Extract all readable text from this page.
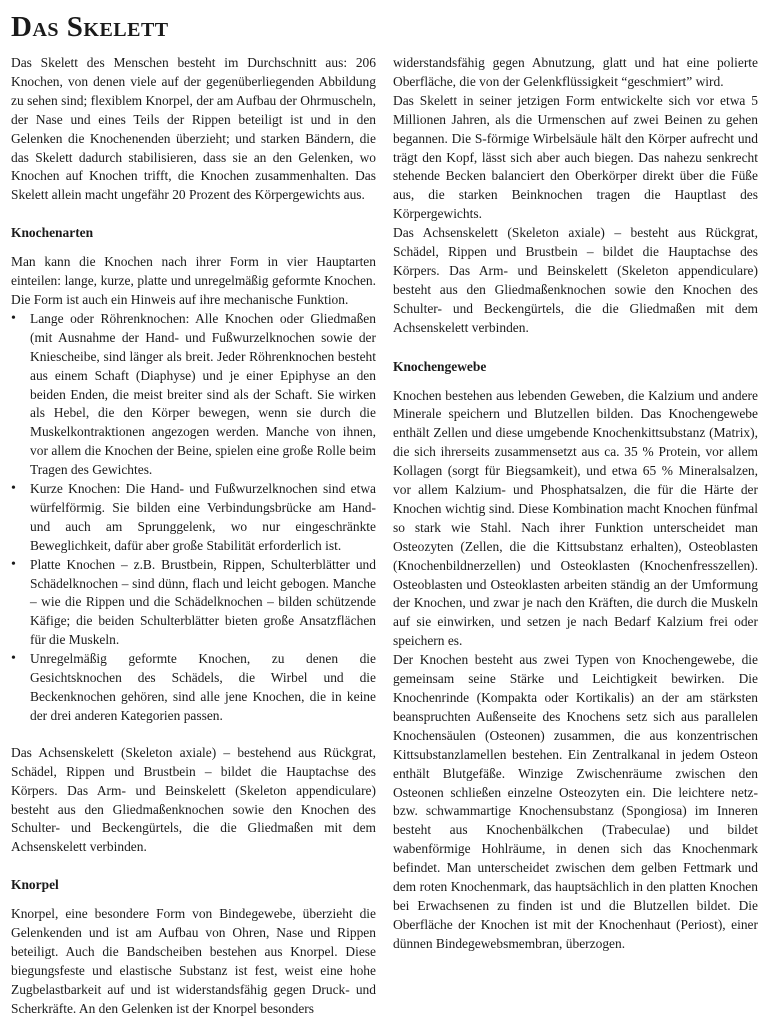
Das Skelett

Das Skelett des Menschen besteht im Durchschnitt aus: 206 Knochen, von denen viele auf der gegenüberliegenden Abbildung zu sehen sind; flexiblem Knorpel, der am Aufbau der Ohrmuscheln, der Nase und eines Teils der Rippen beteiligt ist und in den Gelenken die Knochenenden überzieht; und starken Bändern, die das Skelett dadurch stabilisieren, dass sie an den Gelenken, wo Knochen auf Knochen trifft, die Knochen zusammenhalten. Das Skelett allein macht ungefähr 20 Prozent des Körpergewichts aus.

Knochenarten

Man kann die Knochen nach ihrer Form in vier Hauptarten einteilen: lange, kurze, platte und unregelmäßig geformte Knochen. Die Form ist auch ein Hinweis auf ihre mechanische Funktion.

• Lange oder Röhrenknochen: Alle Knochen oder Gliedmaßen (mit Ausnahme der Hand- und Fußwurzelknochen sowie der Kniescheibe, sind länger als breit. Jeder Röhrenknochen besteht aus einem Schaft (Diaphyse) und je einer Epiphyse an den beiden Enden, die meist breiter sind als der Schaft. Sie wirken als Hebel, die den Körper bewegen, wenn sie durch die Muskelkontraktionen angezogen werden. Manche von ihnen, vor allem die Knochen der Beine, spielen eine große Rolle beim Tragen des Gewichtes.
• Kurze Knochen: Die Hand- und Fußwurzelknochen sind etwa würfelförmig. Sie bilden eine Verbindungsbrücke am Hand- und auch am Sprunggelenk, wo nur eingeschränkte Beweglichkeit, dafür aber große Stabilität erforderlich ist.
• Platte Knochen – z.B. Brustbein, Rippen, Schulterblätter und Schädelknochen – sind dünn, flach und leicht gebogen. Manche – wie die Rippen und die Schädelknochen – bilden schützende Käfige; die beiden Schulterblätter bieten große Ansatzflächen für die Muskeln.
• Unregelmäßig geformte Knochen, zu denen die Gesichtsknochen des Schädels, die Wirbel und die Beckenknochen gehören, sind alle jene Knochen, die in keine der drei anderen Kategorien passen.

Das Achsenskelett (Skeleton axiale) – bestehend aus Rückgrat, Schädel, Rippen und Brustbein – bildet die Hauptachse des Körpers. Das Arm- und Beinskelett (Skeleton appendiculare) besteht aus den Gliedmaßenknochen sowie den Knochen des Schulter- und Beckengürtels, die die Gliedmaßen mit dem Achsenskelett verbinden.

Knorpel

Knorpel, eine besondere Form von Bindegewebe, überzieht die Gelenkenden und ist am Aufbau von Ohren, Nase und Rippen beteiligt. Auch die Bandscheiben bestehen aus Knorpel. Diese biegungsfeste und elastische Substanz ist fest, weist eine hohe Zugbelastbarkeit auf und ist widerstandsfähig gegen Druck- und Scherkräfte. An den Gelenken ist der Knorpel besonders

widerstandsfähig gegen Abnutzung, glatt und hat eine polierte Oberfläche, die von der Gelenkflüssigkeit “geschmiert” wird.

Das Skelett in seiner jetzigen Form entwickelte sich vor etwa 5 Millionen Jahren, als die Urmenschen auf zwei Beinen zu gehen begannen. Die S-förmige Wirbelsäule hält den Körper aufrecht und trägt den Kopf, lässt sich aber auch biegen. Das nahezu senkrecht stehende Becken balanciert den Oberkörper direkt über die Füße aus, die starken Beinknochen tragen die Hauptlast des Körpergewichts.

Das Achsenskelett (Skeleton axiale) – besteht aus Rückgrat, Schädel, Rippen und Brustbein – bildet die Hauptachse des Körpers. Das Arm- und Beinskelett (Skeleton appendiculare) besteht aus den Gliedmaßenknochen sowie den Knochen des Schulter- und Beckengürtels, die die Gliedmaßen mit dem Achsenskelett verbinden.

Knochengewebe

Knochen bestehen aus lebenden Geweben, die Kalzium und andere Minerale speichern und Blutzellen bilden. Das Knochengewebe enthält Zellen und diese umgebende Knochenkittsubstanz (Matrix), die sich ihrerseits zusammensetzt aus ca. 35 % Protein, vor allem Kollagen (sorgt für Biegsamkeit), und etwa 65 % Mineralsalzen, vor allem Kalzium- und Phosphatsalzen, die für die Härte der Knochen wichtig sind. Diese Kombination macht Knochen fünfmal so stark wie Stahl. Nach ihrer Funktion unterscheidet man Osteozyten (Zellen, die die Kittsubstanz erhalten), Osteoblasten (Knochenbildnerzellen) und Osteoklasten (Knochenfresszellen). Osteoblasten und Osteoklasten arbeiten ständig an der Umformung der Knochen, und zwar je nach den Kräften, die durch die Muskeln auf sie einwirken, und setzen je nach Bedarf Kalzium frei oder speichern es.

Der Knochen besteht aus zwei Typen von Knochengewebe, die gemeinsam seine Stärke und Leichtigkeit bewirken. Die Knochenrinde (Kompakta oder Kortikalis) an der am stärksten beanspruchten Außenseite des Knochens setz sich aus parallelen Knochensäulen (Osteonen) zusammen, die aus konzentrischen Kittsubstanzlamellen bestehen. Ein Zentralkanal in jedem Osteon enthält Blutgefäße. Winzige Zwischenräume zwischen den Osteonen schließen einzelne Osteozyten ein. Die leichtere netz- bzw. schwammartige Knochensubstanz (Spongiosa) im Inneren besteht aus Knochenbälkchen (Trabeculae) und bildet wabenförmige Hohlräume, in denen sich das Knochenmark befindet. Man unterscheidet zwischen dem gelben Fettmark und dem roten Knochenmark, das hauptsächlich in den platten Knochen bei Erwachsenen zu finden ist und die Blutzellen bildet. Die Oberfläche der Knochen ist mit der Knochenhaut (Periost), einer dünnen Bindegewebsmembran, überzogen.
